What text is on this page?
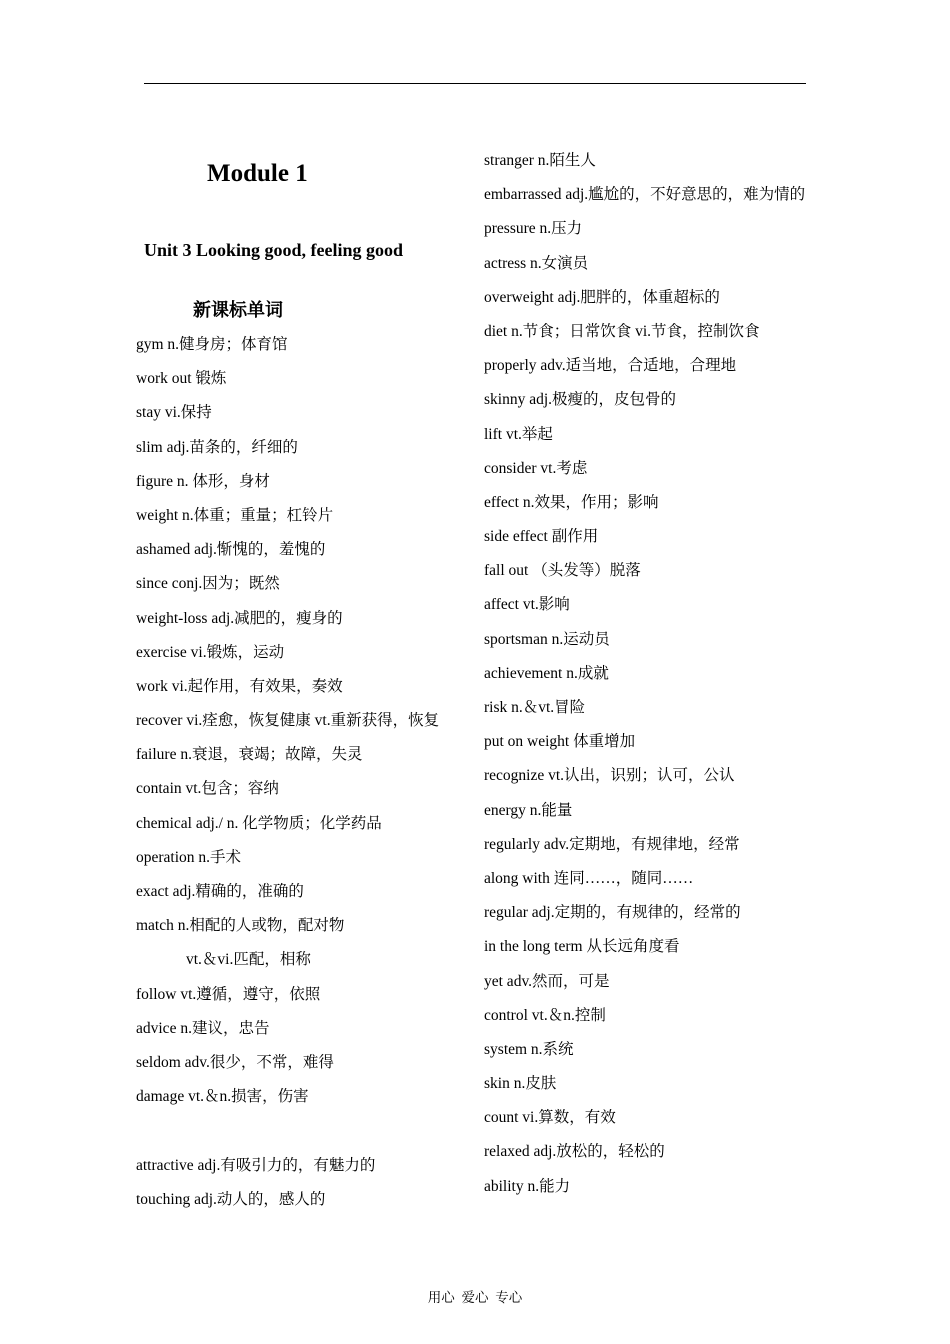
Module 1
Unit 3 Looking good, feeling good
新课标单词
gym n.健身房；体育馆
work out 锻炼
stay vi.保持
slim adj.苗条的，纤细的
figure n. 体形，身材
weight n.体重；重量；杠铃片
ashamed adj.惭愧的，羞愧的
since conj.因为；既然
weight-loss adj.减肥的，瘦身的
exercise vi.锻炼，运动
work vi.起作用，有效果，奏效
recover vi.痊愈，恢复健康 vt.重新获得，恢复
failure n.衰退，衰竭；故障，失灵
contain vt.包含；容纳
chemical adj./ n. 化学物质；化学药品
operation n.手术
exact adj.精确的，准确的
match n.相配的人或物，配对物
vt.＆vi.匹配，相称
follow vt.遵循，遵守，依照
advice n.建议，忠告
seldom adv.很少，不常，难得
damage vt.＆n.损害，伤害
attractive adj.有吸引力的，有魅力的
touching adj.动人的，感人的
stranger n.陌生人
embarrassed adj.尴尬的，不好意思的，难为情的
pressure n.压力
actress n.女演员
overweight adj.肥胖的，体重超标的
diet n.节食；日常饮食 vi.节食，控制饮食
properly adv.适当地，合适地，合理地
skinny adj.极瘦的，皮包骨的
lift vt.举起
consider vt.考虑
effect n.效果，作用；影响
side effect 副作用
fall out （头发等）脱落
affect vt.影响
sportsman n.运动员
achievement n.成就
risk n.＆vt.冒险
put on weight 体重增加
recognize vt.认出，识别；认可，公认
energy n.能量
regularly adv.定期地，有规律地，经常
along with 连同……，随同……
regular adj.定期的，有规律的，经常的
in the long term 从长远角度看
yet adv.然而，可是
control vt.＆n.控制
system n.系统
skin n.皮肤
count vi.算数，有效
relaxed adj.放松的，轻松的
ability n.能力
用心  爱心  专心
